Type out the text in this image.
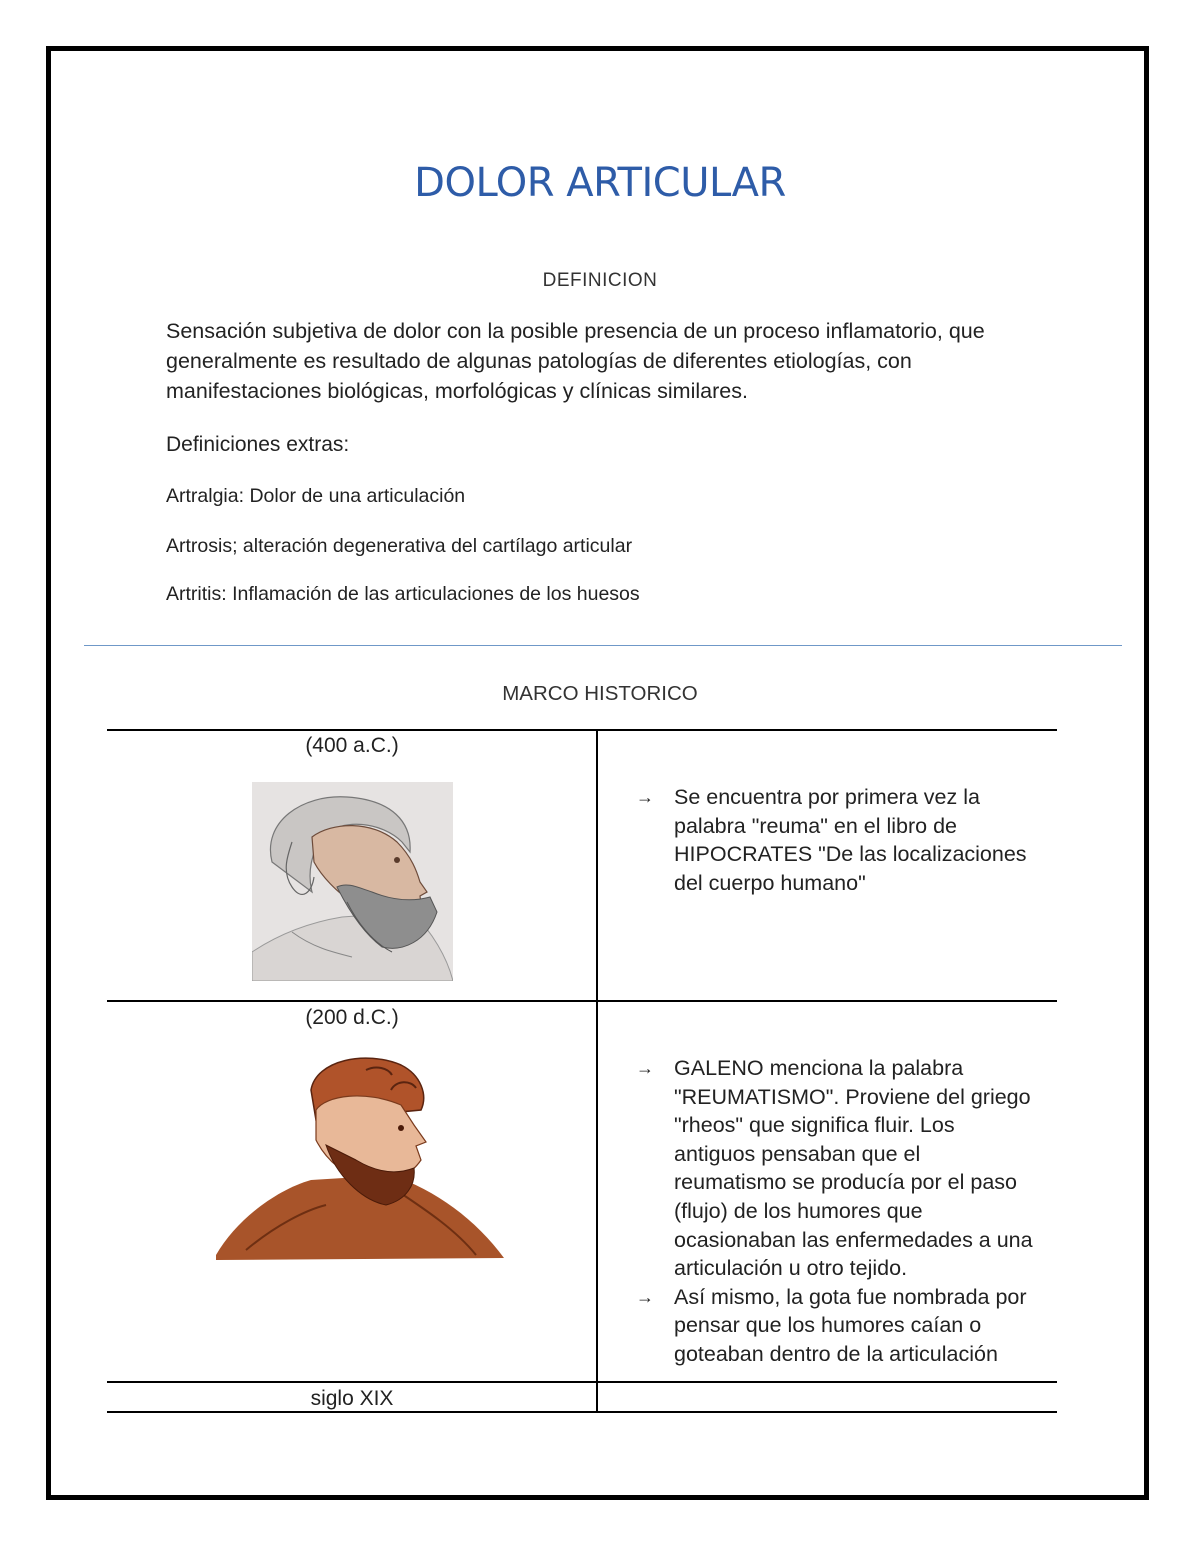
DOLOR ARTICULAR
DEFINICION
Sensación subjetiva de dolor con la posible presencia de un proceso inflamatorio, que generalmente es resultado de algunas patologías de diferentes etiologías, con manifestaciones biológicas, morfológicas y clínicas similares.
Definiciones extras:
Artralgia: Dolor de una articulación
Artrosis; alteración degenerativa del cartílago articular
Artritis: Inflamación de las articulaciones de los huesos
MARCO HISTORICO
(400 a.C.)
→ Se encuentra por primera vez la palabra "reuma" en el libro de HIPOCRATES "De las localizaciones del cuerpo humano"
(200 d.C.)
→ GALENO menciona la palabra "REUMATISMO". Proviene del griego "rheos" que significa fluir. Los antiguos pensaban que el reumatismo se producía por el paso (flujo) de los humores que ocasionaban las enfermedades a una articulación u otro tejido.
→ Así mismo, la gota fue nombrada por pensar que los humores caían o goteaban dentro de la articulación
siglo XIX
